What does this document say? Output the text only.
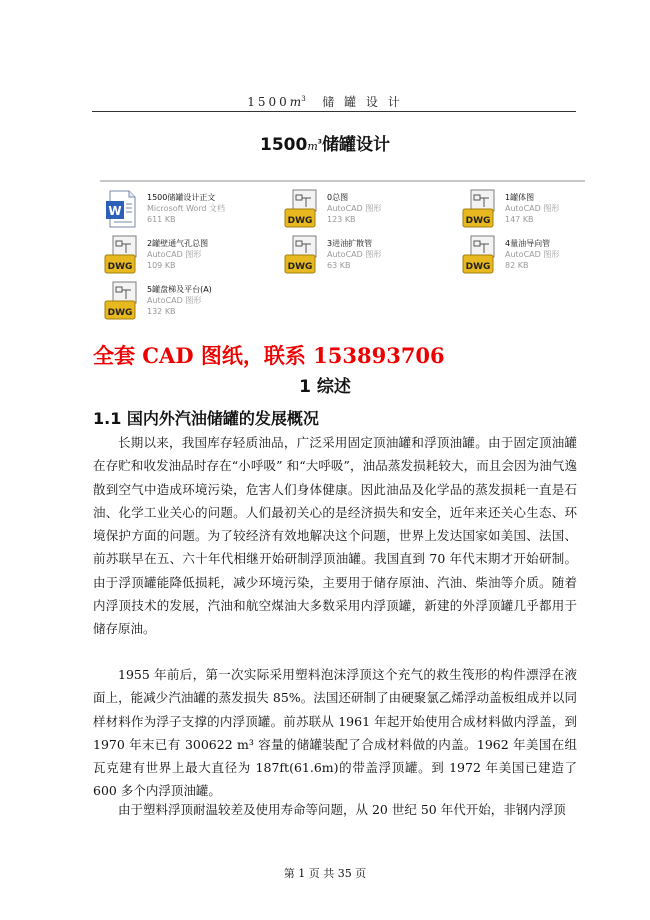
$1500m^3$ 储 罐 设 计
$1500m^3$储罐设计
W
1500储罐设计正文
Microsoft Word 文档
611 KB	DWG
0总图
AutoCAD 图形
123 KB	DWG
1罐体图
AutoCAD 图形
147 KB
DWG
2罐壁通气孔总图
AutoCAD 图形
109 KB	DWG
3进油扩散管
AutoCAD 图形
63 KB	DWG
4量油导向管
AutoCAD 图形
82 KB
DWG
5罐盘梯及平台(A)
AutoCAD 图形
132 KB
全套 CAD 图纸，联系 153893706
1 综述
1.1 国内外汽油储罐的发展概况

长期以来，我国库存轻质油品，广泛采用固定顶油罐和浮顶油罐。由于固定顶油罐在存贮和收发油品时存在“小呼吸” 和“大呼吸”，油品蒸发损耗较大，而且会因为油气逸散到空气中造成环境污染，危害人们身体健康。因此油品及化学品的蒸发损耗一直是石油、化学工业关心的问题。人们最初关心的是经济损失和安全，近年来还关心生态、环境保护方面的问题。为了较经济有效地解决这个问题，世界上发达国家如美国、法国、前苏联早在五、六十年代相继开始研制浮顶油罐。我国直到 70 年代末期才开始研制。由于浮顶罐能降低损耗，减少环境污染，主要用于储存原油、汽油、柴油等介质。随着内浮顶技术的发展，汽油和航空煤油大多数采用内浮顶罐，新建的外浮顶罐几乎都用于储存原油。

1955 年前后，第一次实际采用塑料泡沫浮顶这个充气的救生筏形的构件漂浮在液面上，能减少汽油罐的蒸发损失 85%。法国还研制了由硬聚氯乙烯浮动盖板组成并以同样材料作为浮子支撑的内浮顶罐。前苏联从 1961 年起开始使用合成材料做内浮盖，到 1970 年末已有 300622 m³ 容量的储罐装配了合成材料做的内盖。1962 年美国在组瓦克建有世界上最大直径为 187ft(61.6m)的带盖浮顶罐。到 1972 年美国已建造了 600 多个内浮顶油罐。

由于塑料浮顶耐温较差及使用寿命等问题，从 20 世纪 50 年代开始，非钢内浮顶

第 1 页 共 35 页
